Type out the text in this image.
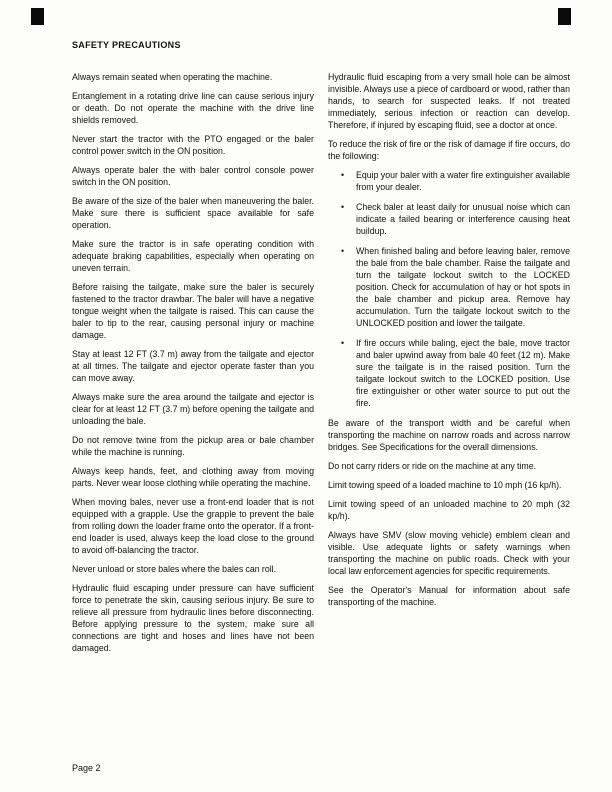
SAFETY PRECAUTIONS

Always remain seated when operating the machine.

Entanglement in a rotating drive line can cause serious injury or death. Do not operate the machine with the drive line shields removed.

Never start the tractor with the PTO engaged or the baler control power switch in the ON position.

Always operate baler the with baler control console power switch in the ON position.

Be aware of the size of the baler when maneuvering the baler. Make sure there is sufficient space available for safe operation.

Make sure the tractor is in safe operating condition with adequate braking capabilities, especially when operating on uneven terrain.

Before raising the tailgate, make sure the baler is securely fastened to the tractor drawbar. The baler will have a negative tongue weight when the tailgate is raised. This can cause the baler to tip to the rear, causing personal injury or machine damage.

Stay at least 12 FT (3.7 m) away from the tailgate and ejector at all times. The tailgate and ejector operate faster than you can move away.

Always make sure the area around the tailgate and ejector is clear for at least 12 FT (3.7 m) before opening the tailgate and unloading the bale.

Do not remove twine from the pickup area or bale chamber while the machine is running.

Always keep hands, feet, and clothing away from moving parts. Never wear loose clothing while operating the machine.

When moving bales, never use a front-end loader that is not equipped with a grapple. Use the grapple to prevent the bale from rolling down the loader frame onto the operator. If a front-end loader is used, always keep the load close to the ground to avoid off-balancing the tractor.

Never unload or store bales where the bales can roll.

Hydraulic fluid escaping under pressure can have sufficient force to penetrate the skin, causing serious injury. Be sure to relieve all pressure from hydraulic lines before disconnecting. Before applying pressure to the system, make sure all connections are tight and hoses and lines have not been damaged.

Hydraulic fluid escaping from a very small hole can be almost invisible. Always use a piece of cardboard or wood, rather than hands, to search for suspected leaks. If not treated immediately, serious infection or reaction can develop. Therefore, if injured by escaping fluid, see a doctor at once.

To reduce the risk of fire or the risk of damage if fire occurs, do the following:

•	Equip your baler with a water fire extinguisher available from your dealer.
•	Check baler at least daily for unusual noise which can indicate a failed bearing or interference causing heat buildup.
•	When finished baling and before leaving baler, remove the bale from the bale chamber. Raise the tailgate and turn the tailgate lockout switch to the LOCKED position. Check for accumulation of hay or hot spots in the bale chamber and pickup area. Remove hay accumulation. Turn the tailgate lockout switch to the UNLOCKED position and lower the tailgate.
•	If fire occurs while baling, eject the bale, move tractor and baler upwind away from bale 40 feet (12 m). Make sure the tailgate is in the raised position. Turn the tailgate lockout switch to the LOCKED position. Use fire extinguisher or other water source to put out the fire.

Be aware of the transport width and be careful when transporting the machine on narrow roads and across narrow bridges. See Specifications for the overall dimensions.

Do not carry riders or ride on the machine at any time.

Limit towing speed of a loaded machine to 10 mph (16 kp/h).

Limit towing speed of an unloaded machine to 20 mph (32 kp/h).

Always have SMV (slow moving vehicle) emblem clean and visible. Use adequate lights or safety warnings when transporting the machine on public roads. Check with your local law enforcement agencies for specific requirements.

See the Operator's Manual for information about safe transporting of the machine.

Page 2
